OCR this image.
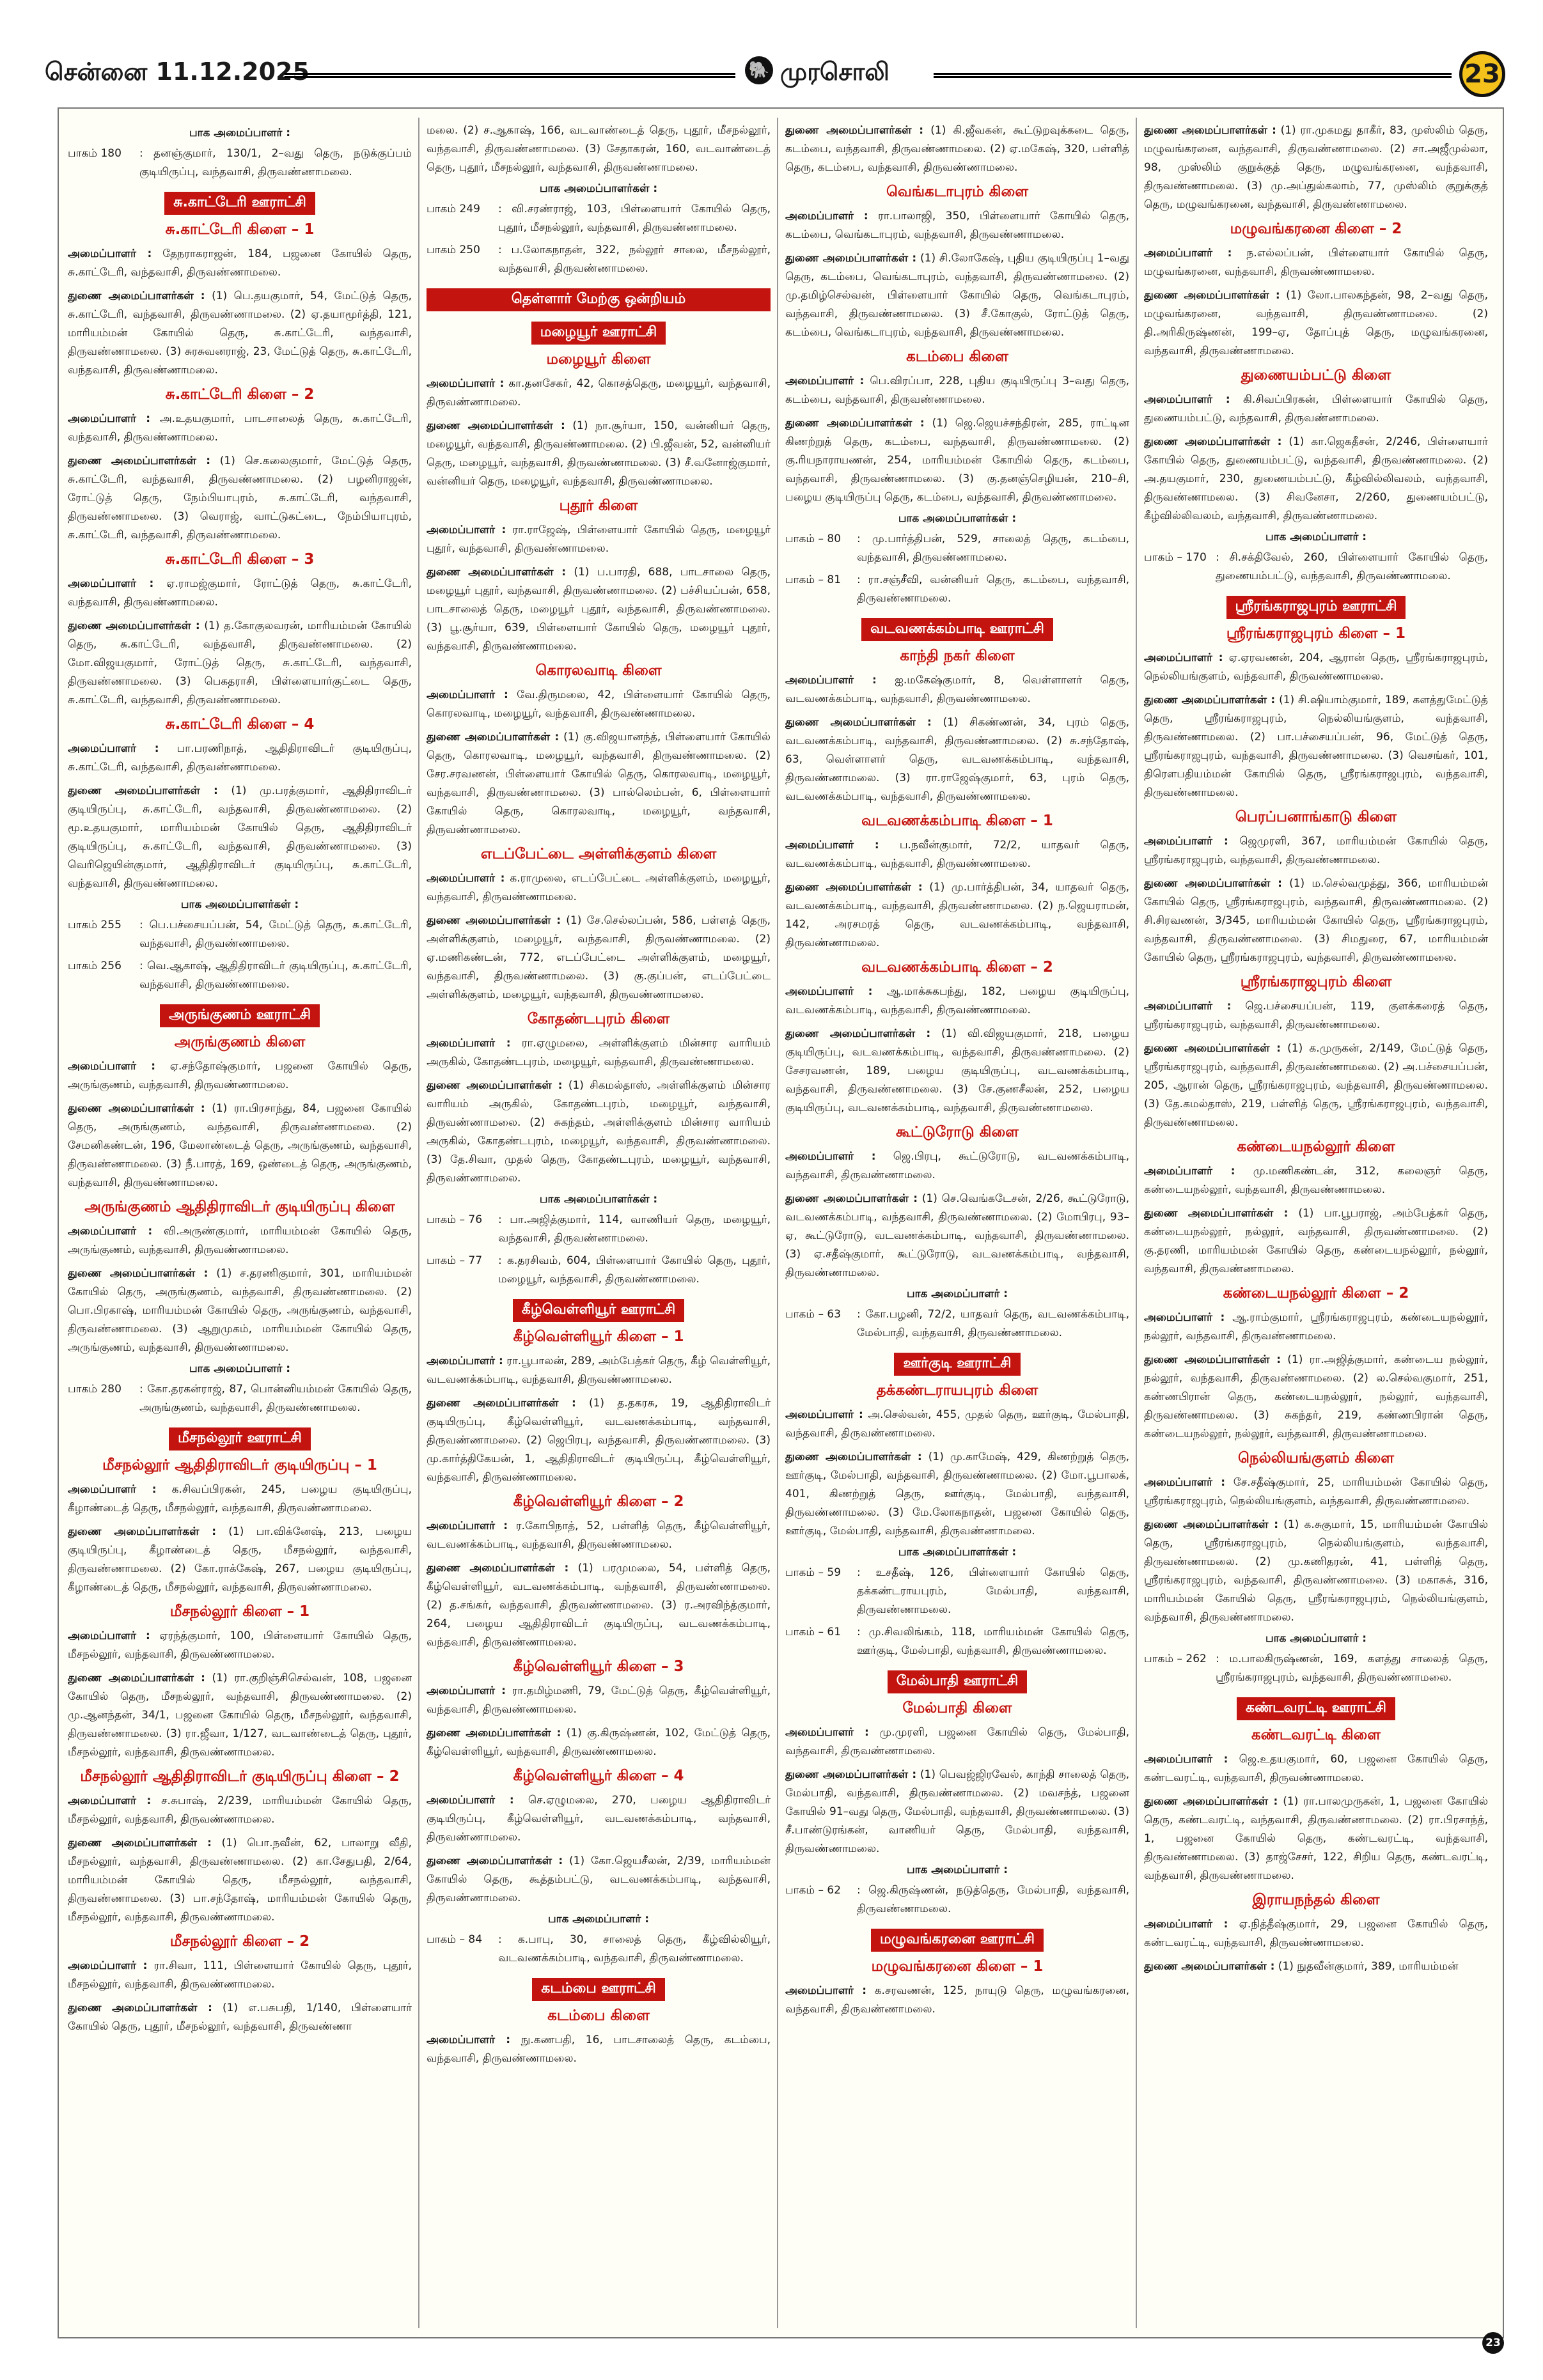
சென்னை 11.12.2025	🐘 முரசொலி	23
பாக அமைப்பாளர் :
பாகம் 180	: தனஞ்குமார், 130/1, 2–வது தெரு, நடுக்குப்பம் குடியிருப்பு, வந்தவாசி, திருவண்ணாமலை.
சு.காட்டேரி ஊராட்சி
சு.காட்டேரி கிளை – 1
அமைப்பாளர் : தேநராகராஜன், 184, பஜனை கோயில் தெரு, சு.காட்டேரி, வந்தவாசி, திருவண்ணாமலை.
துணை அமைப்பாளர்கள் : (1) பெ.தயகுமார், 54, மேட்டுத் தெரு, சு.காட்டேரி, வந்தவாசி, திருவண்ணாமலை. (2) ஏ.தயாமூர்த்தி, 121, மாரியம்மன் கோயில் தெரு, சு.காட்டேரி, வந்தவாசி, திருவண்ணாமலை. (3) சுரசுவனராஜ், 23, மேட்டுத் தெரு, சு.காட்டேரி, வந்தவாசி, திருவண்ணாமலை.
சு.காட்டேரி கிளை – 2
அமைப்பாளர் : அ.உதயகுமார், பாடசாலைத் தெரு, சு.காட்டேரி, வந்தவாசி, திருவண்ணாமலை.
துணை அமைப்பாளர்கள் : (1) செ.கலைகுமார், மேட்டுத் தெரு, சு.காட்டேரி, வந்தவாசி, திருவண்ணாமலை. (2) பழனிராஜன், ரோட்டுத் தெரு, நேம்பியாபுரம், சு.காட்டேரி, வந்தவாசி, திருவண்ணாமலை. (3) வெராஜ், வாட்டுகட்டை, நேம்பியாபுரம், சு.காட்டேரி, வந்தவாசி, திருவண்ணாமலை.
சு.காட்டேரி கிளை – 3
அமைப்பாளர் : ஏ.ராமஜ்குமார், ரோட்டுத் தெரு, சு.காட்டேரி, வந்தவாசி, திருவண்ணாமலை.
துணை அமைப்பாளர்கள் : (1) த.கோகுலவரன், மாரியம்மன் கோயில் தெரு, சு.காட்டேரி, வந்தவாசி, திருவண்ணாமலை. (2) மோ.விஜயகுமார், ரோட்டுத் தெரு, சு.காட்டேரி, வந்தவாசி, திருவண்ணாமலை. (3) பெகதராசி, பிள்ளையார்குட்டை தெரு, சு.காட்டேரி, வந்தவாசி, திருவண்ணாமலை.
சு.காட்டேரி கிளை – 4
அமைப்பாளர் : பா.பரணிநாத், ஆதிதிராவிடர் குடியிருப்பு, சு.காட்டேரி, வந்தவாசி, திருவண்ணாமலை.
துணை அமைப்பாளர்கள் : (1) மு.பரத்குமார், ஆதிதிராவிடர் குடியிருப்பு, சு.காட்டேரி, வந்தவாசி, திருவண்ணாமலை. (2) மூ.உதயகுமார், மாரியம்மன் கோயில் தெரு, ஆதிதிராவிடர் குடியிருப்பு, சு.காட்டேரி, வந்தவாசி, திருவண்ணாமலை. (3) வெரிஜெயின்குமார், ஆதிதிராவிடர் குடியிருப்பு, சு.காட்டேரி, வந்தவாசி, திருவண்ணாமலை.
பாக அமைப்பாளர்கள் :
பாகம் 255	: பெ.பச்சையப்பன், 54, மேட்டுத் தெரு, சு.காட்டேரி, வந்தவாசி, திருவண்ணாமலை.
பாகம் 256	: வெ.ஆகாஷ், ஆதிதிராவிடர் குடியிருப்பு, சு.காட்டேரி, வந்தவாசி, திருவண்ணாமலை.
அருங்குணம் ஊராட்சி
அருங்குணம் கிளை
அமைப்பாளர் : ஏ.சந்தோஷ்குமார், பஜனை கோயில் தெரு, அருங்குணம், வந்தவாசி, திருவண்ணாமலை.
துணை அமைப்பாளர்கள் : (1) ரா.பிரசாந்து, 84, பஜனை கோயில் தெரு, அருங்குணம், வந்தவாசி, திருவண்ணாமலை. (2) சேமனிகண்டன், 196, மேலாண்டைத் தெரு, அருங்குணம், வந்தவாசி, திருவண்ணாமலை. (3) நீ.பாரத், 169, ஒண்டைத் தெரு, அருங்குணம், வந்தவாசி, திருவண்ணாமலை.
அருங்குணம் ஆதிதிராவிடர் குடியிருப்பு கிளை
அமைப்பாளர் : வி.அருண்குமார், மாரியம்மன் கோயில் தெரு, அருங்குணம், வந்தவாசி, திருவண்ணாமலை.
துணை அமைப்பாளர்கள் : (1) ச.தரணிகுமார், 301, மாரியம்மன் கோயில் தெரு, அருங்குணம், வந்தவாசி, திருவண்ணாமலை. (2) பொ.பிரகாஷ், மாரியம்மன் கோயில் தெரு, அருங்குணம், வந்தவாசி, திருவண்ணாமலை. (3) ஆறுமுகம், மாரியம்மன் கோயில் தெரு, அருங்குணம், வந்தவாசி, திருவண்ணாமலை.
பாக அமைப்பாளர் :
பாகம் 280	: கோ.தரகன்ராஜ், 87, பொன்னியம்மன் கோயில் தெரு, அருங்குணம், வந்தவாசி, திருவண்ணாமலை.
மீசநல்லூர் ஊராட்சி
மீசநல்லூர் ஆதிதிராவிடர் குடியிருப்பு – 1
அமைப்பாளர் : க.சிவப்பிரகன், 245, பழைய குடியிருப்பு, கீழாண்டைத் தெரு, மீசநல்லூர், வந்தவாசி, திருவண்ணாமலை.
துணை அமைப்பாளர்கள் : (1) பா.விக்னேஷ், 213, பழைய குடியிருப்பு, கீழாண்டைத் தெரு, மீசநல்லூர், வந்தவாசி, திருவண்ணாமலை. (2) கோ.ராக்கேஷ், 267, பழைய குடியிருப்பு, கீழாண்டைத் தெரு, மீசநல்லூர், வந்தவாசி, திருவண்ணாமலை.
மீசநல்லூர் கிளை – 1
அமைப்பாளர் : ஏரந்த்குமார், 100, பிள்ளையார் கோயில் தெரு, மீசநல்லூர், வந்தவாசி, திருவண்ணாமலை.
துணை அமைப்பாளர்கள் : (1) ரா.குறிஞ்சிசெல்வன், 108, பஜனை கோயில் தெரு, மீசநல்லூர், வந்தவாசி, திருவண்ணாமலை. (2) மு.ஆனந்தன், 34/1, பஜனை கோயில் தெரு, மீசநல்லூர், வந்தவாசி, திருவண்ணாமலை. (3) ரா.ஜீவா, 1/127, வடவாண்டைத் தெரு, புதூர், மீசநல்லூர், வந்தவாசி, திருவண்ணாமலை.
மீசநல்லூர் ஆதிதிராவிடர் குடியிருப்பு கிளை – 2
அமைப்பாளர் : ச.சுபாஷ், 2/239, மாரியம்மன் கோயில் தெரு, மீசநல்லூர், வந்தவாசி, திருவண்ணாமலை.
துணை அமைப்பாளர்கள் : (1) பொ.நவீன், 62, பாலாறு வீதி, மீசநல்லூர், வந்தவாசி, திருவண்ணாமலை. (2) கா.சேதுபதி, 2/64, மாரியம்மன் கோயில் தெரு, மீசநல்லூர், வந்தவாசி, திருவண்ணாமலை. (3) பா.சந்தோஷ், மாரியம்மன் கோயில் தெரு, மீசநல்லூர், வந்தவாசி, திருவண்ணாமலை.
மீசநல்லூர் கிளை – 2
அமைப்பாளர் : ரா.சிவா, 111, பிள்ளையார் கோயில் தெரு, புதூர், மீசநல்லூர், வந்தவாசி, திருவண்ணாமலை.
துணை அமைப்பாளர்கள் : (1) எ.பசுபதி, 1/140, பிள்ளையார் கோயில் தெரு, புதூர், மீசநல்லூர், வந்தவாசி, திருவண்ணா
மலை. (2) ச.ஆகாஷ், 166, வடவாண்டைத் தெரு, புதூர், மீசநல்லூர், வந்தவாசி, திருவண்ணாமலை. (3) சேதாகரன், 160, வடவாண்டைத் தெரு, புதூர், மீசநல்லூர், வந்தவாசி, திருவண்ணாமலை.
பாக அமைப்பாளர்கள் :
பாகம் 249	: வி.சரண்ராஜ், 103, பிள்ளையார் கோயில் தெரு, புதூர், மீசநல்லூர், வந்தவாசி, திருவண்ணாமலை.
பாகம் 250	: ப.லோகநாதன், 322, நல்லூர் சாலை, மீசநல்லூர், வந்தவாசி, திருவண்ணாமலை.
தெள்ளார் மேற்கு ஒன்றியம்
மழையூர் ஊராட்சி
மழையூர் கிளை
அமைப்பாளர் : கா.தனசேகர், 42, கொசத்தெரு, மழையூர், வந்தவாசி, திருவண்ணாமலை.
துணை அமைப்பாளர்கள் : (1) நா.சூர்யா, 150, வன்னியர் தெரு, மழையூர், வந்தவாசி, திருவண்ணாமலை. (2) பி.ஜீவன், 52, வன்னியர் தெரு, மழையூர், வந்தவாசி, திருவண்ணாமலை. (3) சீ.வனோஜ்குமார், வன்னியர் தெரு, மழையூர், வந்தவாசி, திருவண்ணாமலை.
புதூர் கிளை
அமைப்பாளர் : ரா.ராஜேஷ், பிள்ளையார் கோயில் தெரு, மழையூர் புதூர், வந்தவாசி, திருவண்ணாமலை.
துணை அமைப்பாளர்கள் : (1) ப.பாரதி, 688, பாடசாலை தெரு, மழையூர் புதூர், வந்தவாசி, திருவண்ணாமலை. (2) பச்சியப்பன், 658, பாடசாலைத் தெரு, மழையூர் புதூர், வந்தவாசி, திருவண்ணாமலை. (3) பூ.சூர்யா, 639, பிள்ளையார் கோயில் தெரு, மழையூர் புதூர், வந்தவாசி, திருவண்ணாமலை.
கொரலவாடி கிளை
அமைப்பாளர் : வே.திருமலை, 42, பிள்ளையார் கோயில் தெரு, கொரலவாடி, மழையூர், வந்தவாசி, திருவண்ணாமலை.
துணை அமைப்பாளர்கள் : (1) கு.விஜயானந்த், பிள்ளையார் கோயில் தெரு, கொரலவாடி, மழையூர், வந்தவாசி, திருவண்ணாமலை. (2) சேர.சரவணன், பிள்ளையார் கோயில் தெரு, கொரலவாடி, மழையூர், வந்தவாசி, திருவண்ணாமலை. (3) பால்லெம்பன், 6, பிள்ளையார் கோயில் தெரு, கொரலவாடி, மழையூர், வந்தவாசி, திருவண்ணாமலை.
எடப்பேட்டை அள்ளிக்குளம் கிளை
அமைப்பாளர் : க.ராமுலை, எடப்பேட்டை அள்ளிக்குளம், மழையூர், வந்தவாசி, திருவண்ணாமலை.
துணை அமைப்பாளர்கள் : (1) சே.செல்லப்பன், 586, பள்ளத் தெரு, அள்ளிக்குளம், மழையூர், வந்தவாசி, திருவண்ணாமலை. (2) ஏ.மணிகண்டன், 772, எடப்பேட்டை அள்ளிக்குளம், மழையூர், வந்தவாசி, திருவண்ணாமலை. (3) கு.குப்பன், எடப்பேட்டை அள்ளிக்குளம், மழையூர், வந்தவாசி, திருவண்ணாமலை.
கோதண்டபுரம் கிளை
அமைப்பாளர் : ரா.ஏழுமலை, அள்ளிக்குளம் மின்சார வாரியம் அருகில், கோதண்டபுரம், மழையூர், வந்தவாசி, திருவண்ணாமலை.
துணை அமைப்பாளர்கள் : (1) சிகமல்தாஸ், அள்ளிக்குளம் மின்சார வாரியம் அருகில், கோதண்டபுரம், மழையூர், வந்தவாசி, திருவண்ணாமலை. (2) சுகந்தம், அள்ளிக்குளம் மின்சார வாரியம் அருகில், கோதண்டபுரம், மழையூர், வந்தவாசி, திருவண்ணாமலை. (3) தே.சிவா, முதல் தெரு, கோதண்டபுரம், மழையூர், வந்தவாசி, திருவண்ணாமலை.
பாக அமைப்பாளர்கள் :
பாகம் – 76	: பா.அஜித்குமார், 114, வாணியர் தெரு, மழையூர், வந்தவாசி, திருவண்ணாமலை.
பாகம் – 77	: க.தரசிவம், 604, பிள்ளையார் கோயில் தெரு, புதூர், மழையூர், வந்தவாசி, திருவண்ணாமலை.
கீழ்வெள்ளியூர் ஊராட்சி
கீழ்வெள்ளியூர் கிளை – 1
அமைப்பாளர் : ரா.பூபாலன், 289, அம்பேத்கர் தெரு, கீழ் வெள்ளியூர், வடவணக்கம்பாடி, வந்தவாசி, திருவண்ணாமலை.
துணை அமைப்பாளர்கள் : (1) த.தகரசு, 19, ஆதிதிராவிடர் குடியிருப்பு, கீழ்வெள்ளியூர், வடவணக்கம்பாடி, வந்தவாசி, திருவண்ணாமலை. (2) ஜெபிரபு, வந்தவாசி, திருவண்ணாமலை. (3) மு.கார்த்திகேயன், 1, ஆதிதிராவிடர் குடியிருப்பு, கீழ்வெள்ளியூர், வந்தவாசி, திருவண்ணாமலை.
கீழ்வெள்ளியூர் கிளை – 2
அமைப்பாளர் : ர.கோபிநாத், 52, பள்ளித் தெரு, கீழ்வெள்ளியூர், வடவணக்கம்பாடி, வந்தவாசி, திருவண்ணாமலை.
துணை அமைப்பாளர்கள் : (1) பரமுமலை, 54, பள்ளித் தெரு, கீழ்வெள்ளியூர், வடவணக்கம்பாடி, வந்தவாசி, திருவண்ணாமலை. (2) த.சங்கர், வந்தவாசி, திருவண்ணாமலை. (3) ர.அரவிந்த்குமார், 264, பழைய ஆதிதிராவிடர் குடியிருப்பு, வடவணக்கம்பாடி, வந்தவாசி, திருவண்ணாமலை.
கீழ்வெள்ளியூர் கிளை – 3
அமைப்பாளர் : ரா.தமிழ்மணி, 79, மேட்டுத் தெரு, கீழ்வெள்ளியூர், வந்தவாசி, திருவண்ணாமலை.
துணை அமைப்பாளர்கள் : (1) கு.கிருஷ்ணன், 102, மேட்டுத் தெரு, கீழ்வெள்ளியூர், வந்தவாசி, திருவண்ணாமலை.
கீழ்வெள்ளியூர் கிளை – 4
அமைப்பாளர் : செ.ஏழுமலை, 270, பழைய ஆதிதிராவிடர் குடியிருப்பு, கீழ்வெள்ளியூர், வடவணக்கம்பாடி, வந்தவாசி, திருவண்ணாமலை.
துணை அமைப்பாளர்கள் : (1) கோ.ஜெயசீலன், 2/39, மாரியம்மன் கோயில் தெரு, கூத்தம்பட்டு, வடவணக்கம்பாடி, வந்தவாசி, திருவண்ணாமலை.
பாக அமைப்பாளர் :
பாகம் – 84	: க.பாபு, 30, சாலைத் தெரு, கீழ்வில்லியூர், வடவணக்கம்பாடி, வந்தவாசி, திருவண்ணாமலை.
கடம்பை ஊராட்சி
கடம்பை கிளை
அமைப்பாளர் : நு.கணபதி, 16, பாடசாலைத் தெரு, கடம்பை, வந்தவாசி, திருவண்ணாமலை.
துணை அமைப்பாளர்கள் : (1) கி.ஜீவகன், கூட்டுறவுக்கடை தெரு, கடம்பை, வந்தவாசி, திருவண்ணாமலை. (2) ஏ.மகேஷ், 320, பள்ளித் தெரு, கடம்பை, வந்தவாசி, திருவண்ணாமலை.
வெங்கடாபுரம் கிளை
அமைப்பாளர் : ரா.பாலாஜி, 350, பிள்ளையார் கோயில் தெரு, கடம்பை, வெங்கடாபுரம், வந்தவாசி, திருவண்ணாமலை.
துணை அமைப்பாளர்கள் : (1) சி.லோகேஷ், புதிய குடியிருப்பு 1–வது தெரு, கடம்பை, வெங்கடாபுரம், வந்தவாசி, திருவண்ணாமலை. (2) மு.தமிழ்செல்வன், பிள்ளையார் கோயில் தெரு, வெங்கடாபுரம், வந்தவாசி, திருவண்ணாமலை. (3) சீ.கோகுல், ரோட்டுத் தெரு, கடம்பை, வெங்கடாபுரம், வந்தவாசி, திருவண்ணாமலை.
கடம்பை கிளை
அமைப்பாளர் : பெ.விரப்பா, 228, புதிய குடியிருப்பு 3–வது தெரு, கடம்பை, வந்தவாசி, திருவண்ணாமலை.
துணை அமைப்பாளர்கள் : (1) ஜெ.ஜெயச்சந்திரன், 285, ராட்டின கிணற்றுத் தெரு, கடம்பை, வந்தவாசி, திருவண்ணாமலை. (2) கு.ரியநாராயணன், 254, மாரியம்மன் கோயில் தெரு, கடம்பை, வந்தவாசி, திருவண்ணாமலை. (3) கு.தனஞ்செழியன், 210–சி, பழைய குடியிருப்பு தெரு, கடம்பை, வந்தவாசி, திருவண்ணாமலை.
பாக அமைப்பாளர்கள் :
பாகம் – 80	: மு.பார்த்திபன், 529, சாலைத் தெரு, கடம்பை, வந்தவாசி, திருவண்ணாமலை.
பாகம் – 81	: ரா.சஞ்சீவி, வன்னியர் தெரு, கடம்பை, வந்தவாசி, திருவண்ணாமலை.
வடவணக்கம்பாடி ஊராட்சி
காந்தி நகர் கிளை
அமைப்பாளர் : ஐ.மகேஷ்குமார், 8, வெள்ளாளர் தெரு, வடவணக்கம்பாடி, வந்தவாசி, திருவண்ணாமலை.
துணை அமைப்பாளர்கள் : (1) சிகண்ணன், 34, புரம் தெரு, வடவணக்கம்பாடி, வந்தவாசி, திருவண்ணாமலை. (2) சு.சந்தோஷ், 63, வெள்ளாளர் தெரு, வடவணக்கம்பாடி, வந்தவாசி, திருவண்ணாமலை. (3) ரா.ராஜேஷ்குமார், 63, புரம் தெரு, வடவணக்கம்பாடி, வந்தவாசி, திருவண்ணாமலை.
வடவணக்கம்பாடி கிளை – 1
அமைப்பாளர் : ப.நவீன்குமார், 72/2, யாதவர் தெரு, வடவணக்கம்பாடி, வந்தவாசி, திருவண்ணாமலை.
துணை அமைப்பாளர்கள் : (1) மு.பார்த்திபன், 34, யாதவர் தெரு, வடவணக்கம்பாடி, வந்தவாசி, திருவண்ணாமலை. (2) ந.ஜெயராமன், 142, அரசமரத் தெரு, வடவணக்கம்பாடி, வந்தவாசி, திருவண்ணாமலை.
வடவணக்கம்பாடி கிளை – 2
அமைப்பாளர் : ஆ.மாக்சுகபந்து, 182, பழைய குடியிருப்பு, வடவணக்கம்பாடி, வந்தவாசி, திருவண்ணாமலை.
துணை அமைப்பாளர்கள் : (1) வி.விஜயகுமார், 218, பழைய குடியிருப்பு, வடவணக்கம்பாடி, வந்தவாசி, திருவண்ணாமலை. (2) சேசரவணன், 189, பழைய குடியிருப்பு, வடவணக்கம்பாடி, வந்தவாசி, திருவண்ணாமலை. (3) சே.குணசீலன், 252, பழைய குடியிருப்பு, வடவணக்கம்பாடி, வந்தவாசி, திருவண்ணாமலை.
கூட்டுரோடு கிளை
அமைப்பாளர் : ஜெ.பிரபு, கூட்டுரோடு, வடவணக்கம்பாடி, வந்தவாசி, திருவண்ணாமலை.
துணை அமைப்பாளர்கள் : (1) செ.வெங்கடேசன், 2/26, கூட்டுரோடு, வடவணக்கம்பாடி, வந்தவாசி, திருவண்ணாமலை. (2) மோபிரபு, 93–ஏ, கூட்டுரோடு, வடவணக்கம்பாடி, வந்தவாசி, திருவண்ணாமலை. (3) ஏ.சதீஷ்குமார், கூட்டுரோடு, வடவணக்கம்பாடி, வந்தவாசி, திருவண்ணாமலை.
பாக அமைப்பாளர் :
பாகம் – 63	: கோ.பழனி, 72/2, யாதவர் தெரு, வடவணக்கம்பாடி, மேல்பாதி, வந்தவாசி, திருவண்ணாமலை.
ஊர்குடி ஊராட்சி
தக்கண்டராயபுரம் கிளை
அமைப்பாளர் : அ.செல்வன், 455, முதல் தெரு, ஊர்குடி, மேல்பாதி, வந்தவாசி, திருவண்ணாமலை.
துணை அமைப்பாளர்கள் : (1) மு.காமேஷ், 429, கிணற்றுத் தெரு, ஊர்குடி, மேல்பாதி, வந்தவாசி, திருவண்ணாமலை. (2) மோ.பூபாலக், 401, கிணற்றுத் தெரு, ஊர்குடி, மேல்பாதி, வந்தவாசி, திருவண்ணாமலை. (3) மே.லோகநாதன், பஜனை கோயில் தெரு, ஊர்குடி, மேல்பாதி, வந்தவாசி, திருவண்ணாமலை.
பாக அமைப்பாளர்கள் :
பாகம் – 59	: உசதீஷ், 126, பிள்ளையார் கோயில் தெரு, தக்கண்டராயபுரம், மேல்பாதி, வந்தவாசி, திருவண்ணாமலை.
பாகம் – 61	: மு.சிவலிங்கம், 118, மாரியம்மன் கோயில் தெரு, ஊர்குடி, மேல்பாதி, வந்தவாசி, திருவண்ணாமலை.
மேல்பாதி ஊராட்சி
மேல்பாதி கிளை
அமைப்பாளர் : மு.முரளி, பஜனை கோயில் தெரு, மேல்பாதி, வந்தவாசி, திருவண்ணாமலை.
துணை அமைப்பாளர்கள் : (1) பெவஜ்ஜிரவேல், காந்தி சாலைத் தெரு, மேல்பாதி, வந்தவாசி, திருவண்ணாமலை. (2) மவசந்த், பஜனை கோயில் 91–வது தெரு, மேல்பாதி, வந்தவாசி, திருவண்ணாமலை. (3) சீ.பாண்டுரங்கன், வாணியர் தெரு, மேல்பாதி, வந்தவாசி, திருவண்ணாமலை.
பாக அமைப்பாளர் :
பாகம் – 62	: ஜெ.கிருஷ்ணன், நடுத்தெரு, மேல்பாதி, வந்தவாசி, திருவண்ணாமலை.
மழுவங்கரனை ஊராட்சி
மழுவங்கரனை கிளை – 1
அமைப்பாளர் : க.சரவணன், 125, நாயுடு தெரு, மழுவங்கரனை, வந்தவாசி, திருவண்ணாமலை.
துணை அமைப்பாளர்கள் : (1) ரா.முகமது தாகீர், 83, முஸ்லிம் தெரு, மழுவங்கரனை, வந்தவாசி, திருவண்ணாமலை. (2) சா.அஜீமுல்லா, 98, முஸ்லிம் குறுக்குத் தெரு, மழுவங்கரனை, வந்தவாசி, திருவண்ணாமலை. (3) மு.அப்துல்கலாம், 77, முஸ்லிம் குறுக்குத் தெரு, மழுவங்கரனை, வந்தவாசி, திருவண்ணாமலை.
மழுவங்கரனை கிளை – 2
அமைப்பாளர் : ந.எல்லப்பன், பிள்ளையார் கோயில் தெரு, மழுவங்கரனை, வந்தவாசி, திருவண்ணாமலை.
துணை அமைப்பாளர்கள் : (1) லோ.பாலகந்தன், 98, 2–வது தெரு, மழுவங்கரனை, வந்தவாசி, திருவண்ணாமலை. (2) தி.அரிகிருஷ்ணன், 199–ஏ, தோப்புத் தெரு, மழுவங்கரனை, வந்தவாசி, திருவண்ணாமலை.
துணையம்பட்டு கிளை
அமைப்பாளர் : கி.சிவப்பிரகன், பிள்ளையார் கோயில் தெரு, துணையம்பட்டு, வந்தவாசி, திருவண்ணாமலை.
துணை அமைப்பாளர்கள் : (1) கா.ஜெகதீசன், 2/246, பிள்ளையார் கோயில் தெரு, துணையம்பட்டு, வந்தவாசி, திருவண்ணாமலை. (2) அ.தயகுமார், 230, துணையம்பட்டு, கீழ்வில்லிவலம், வந்தவாசி, திருவண்ணாமலை. (3) சிவனேசா, 2/260, துணையம்பட்டு, கீழ்வில்லிவலம், வந்தவாசி, திருவண்ணாமலை.
பாக அமைப்பாளர் :
பாகம் – 170 : சி.சக்திவேல், 260, பிள்ளையார் கோயில் தெரு, துணையம்பட்டு, வந்தவாசி, திருவண்ணாமலை.
ஸ்ரீரங்கராஜபுரம் ஊராட்சி
ஸ்ரீரங்கராஜபுரம் கிளை – 1
அமைப்பாளர் : ஏ.ஏரவணன், 204, ஆரான் தெரு, ஸ்ரீரங்கராஜபுரம், நெல்லியங்குளம், வந்தவாசி, திருவண்ணாமலை.
துணை அமைப்பாளர்கள் : (1) சி.ஷியாம்குமார், 189, களத்துமேட்டுத் தெரு, ஸ்ரீரங்கராஜபுரம், நெல்லியங்குளம், வந்தவாசி, திருவண்ணாமலை. (2) பா.பச்சையப்பன், 96, மேட்டுத் தெரு, ஸ்ரீரங்கராஜபுரம், வந்தவாசி, திருவண்ணாமலை. (3) வெசங்கர், 101, திரௌபதியம்மன் கோயில் தெரு, ஸ்ரீரங்கராஜபுரம், வந்தவாசி, திருவண்ணாமலை.
பெரப்பனாங்காடு கிளை
அமைப்பாளர் : ஜெமுரளி, 367, மாரியம்மன் கோயில் தெரு, ஸ்ரீரங்கராஜபுரம், வந்தவாசி, திருவண்ணாமலை.
துணை அமைப்பாளர்கள் : (1) ம.செல்வமுத்து, 366, மாரியம்மன் கோயில் தெரு, ஸ்ரீரங்கராஜபுரம், வந்தவாசி, திருவண்ணாமலை. (2) சி.சிரவணன், 3/345, மாரியம்மன் கோயில் தெரு, ஸ்ரீரங்கராஜபுரம், வந்தவாசி, திருவண்ணாமலை. (3) சிமதுரை, 67, மாரியம்மன் கோயில் தெரு, ஸ்ரீரங்கராஜபுரம், வந்தவாசி, திருவண்ணாமலை.
ஸ்ரீரங்கராஜபுரம் கிளை
அமைப்பாளர் : ஜெ.பச்சையப்பன், 119, குளக்கரைத் தெரு, ஸ்ரீரங்கராஜபுரம், வந்தவாசி, திருவண்ணாமலை.
துணை அமைப்பாளர்கள் : (1) க.முருகன், 2/149, மேட்டுத் தெரு, ஸ்ரீரங்கராஜபுரம், வந்தவாசி, திருவண்ணாமலை. (2) அ.பச்சையப்பன், 205, ஆரான் தெரு, ஸ்ரீரங்கராஜபுரம், வந்தவாசி, திருவண்ணாமலை. (3) தே.கமல்தாஸ், 219, பள்ளித் தெரு, ஸ்ரீரங்கராஜபுரம், வந்தவாசி, திருவண்ணாமலை.
கண்டையநல்லூர் கிளை
அமைப்பாளர் : மு.மணிகண்டன், 312, கலைஞர் தெரு, கண்டையநல்லூர், வந்தவாசி, திருவண்ணாமலை.
துணை அமைப்பாளர்கள் : (1) பா.பூபராஜ், அம்பேத்கர் தெரு, கண்டையநல்லூர், நல்லூர், வந்தவாசி, திருவண்ணாமலை. (2) கு.தரணி, மாரியம்மன் கோயில் தெரு, கண்டையநல்லூர், நல்லூர், வந்தவாசி, திருவண்ணாமலை.
கண்டையநல்லூர் கிளை – 2
அமைப்பாளர் : ஆ.ராம்குமார், ஸ்ரீரங்கராஜபுரம், கண்டையநல்லூர், நல்லூர், வந்தவாசி, திருவண்ணாமலை.
துணை அமைப்பாளர்கள் : (1) ரா.அஜித்குமார், கண்டைய நல்லூர், நல்லூர், வந்தவாசி, திருவண்ணாமலை. (2) ல.செல்வகுமார், 251, கண்ணபிரான் தெரு, கண்டையநல்லூர், நல்லூர், வந்தவாசி, திருவண்ணாமலை. (3) சுகந்தர், 219, கண்ணபிரான் தெரு, கண்டையநல்லூர், நல்லூர், வந்தவாசி, திருவண்ணாமலை.
நெல்லியங்குளம் கிளை
அமைப்பாளர் : சே.சதீஷ்குமார், 25, மாரியம்மன் கோயில் தெரு, ஸ்ரீரங்கராஜபுரம், நெல்லியங்குளம், வந்தவாசி, திருவண்ணாமலை.
துணை அமைப்பாளர்கள் : (1) க.சுகுமார், 15, மாரியம்மன் கோயில் தெரு, ஸ்ரீரங்கராஜபுரம், நெல்லியங்குளம், வந்தவாசி, திருவண்ணாமலை. (2) மு.கணிதரன், 41, பள்ளித் தெரு, ஸ்ரீரங்கராஜபுரம், வந்தவாசி, திருவண்ணாமலை. (3) மகாசுக், 316, மாரியம்மன் கோயில் தெரு, ஸ்ரீரங்கராஜபுரம், நெல்லியங்குளம், வந்தவாசி, திருவண்ணாமலை.
பாக அமைப்பாளர் :
பாகம் – 262 : ம.பாலகிருஷ்ணன், 169, களத்து சாலைத் தெரு, ஸ்ரீரங்கராஜபுரம், வந்தவாசி, திருவண்ணாமலை.
கண்டவரட்டி ஊராட்சி
கண்டவரட்டி கிளை
அமைப்பாளர் : ஜெ.உதயகுமார், 60, பஜனை கோயில் தெரு, கண்டவரட்டி, வந்தவாசி, திருவண்ணாமலை.
துணை அமைப்பாளர்கள் : (1) ரா.பாலமுருகன், 1, பஜனை கோயில் தெரு, கண்டவரட்டி, வந்தவாசி, திருவண்ணாமலை. (2) ரா.பிரசாந்த், 1, பஜனை கோயில் தெரு, கண்டவரட்டி, வந்தவாசி, திருவண்ணாமலை. (3) தாஜ்சேசர், 122, சிறிய தெரு, கண்டவரட்டி, வந்தவாசி, திருவண்ணாமலை.
இராயநந்தல் கிளை
அமைப்பாளர் : ஏ.நித்தீஷ்குமார், 29, பஜனை கோயில் தெரு, கண்டவரட்டி, வந்தவாசி, திருவண்ணாமலை.
துணை அமைப்பாளர்கள் : (1) நுதவீன்குமார், 389, மாரியம்மன்
23
